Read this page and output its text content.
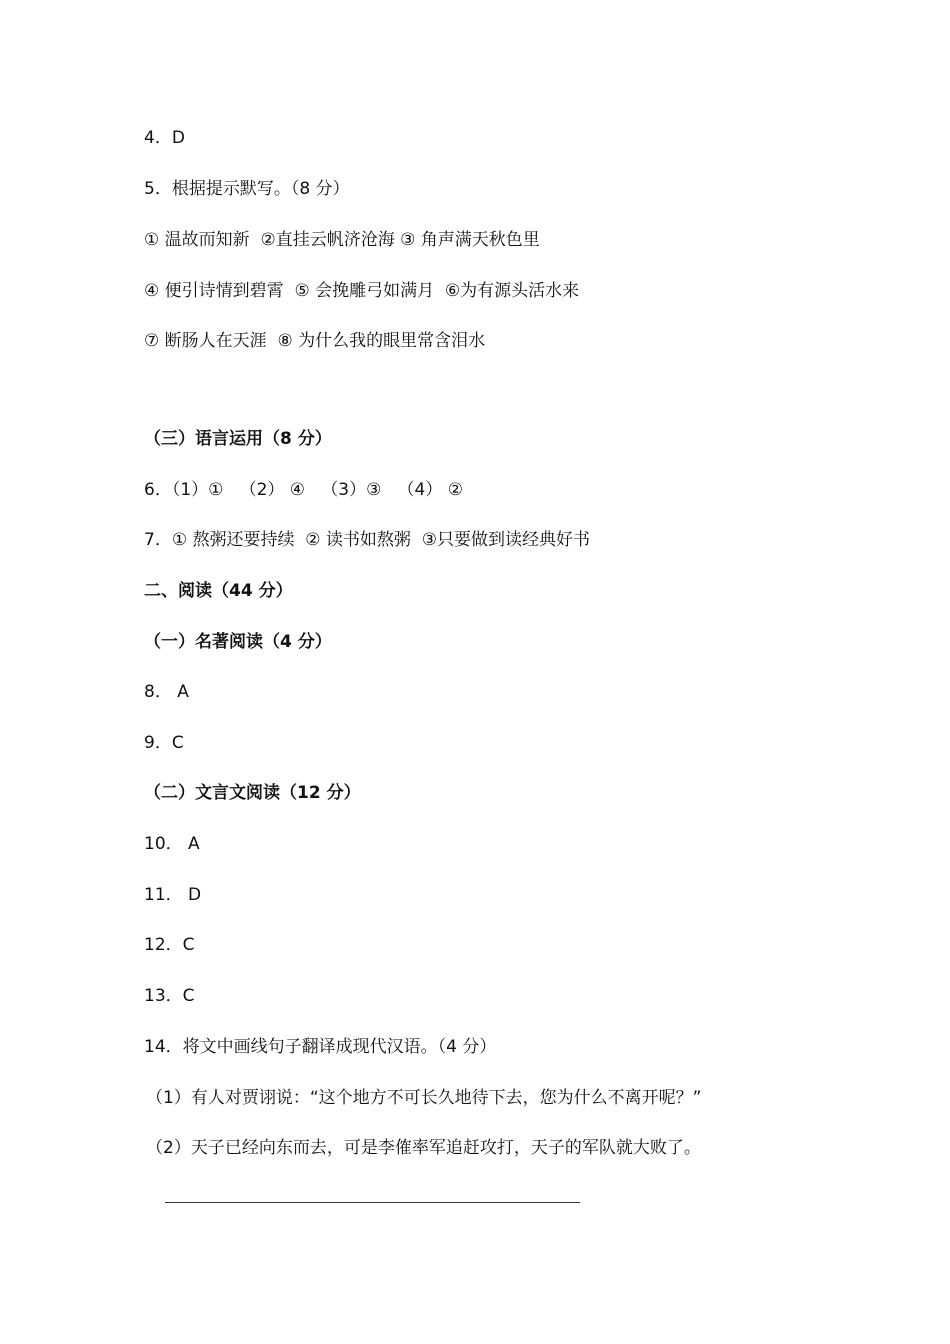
4．D

5．根据提示默写。（8 分）

① 温故而知新  ②直挂云帆济沧海 ③ 角声满天秋色里

④ 便引诗情到碧霄  ⑤ 会挽雕弓如满月  ⑥为有源头活水来

⑦ 断肠人在天涯  ⑧ 为什么我的眼里常含泪水

（三）语言运用（8 分）

6．（1）①   （2） ④   （3）③   （4） ②

7．① 熬粥还要持续  ② 读书如熬粥  ③只要做到读经典好书

二、阅读（44 分）

（一）名著阅读（4 分）

8． A

9．C

（二）文言文阅读（12 分）

10． A

11． D

12．C

13．C

14．将文中画线句子翻译成现代汉语。（4 分）

（1）有人对贾诩说：“这个地方不可长久地待下去，您为什么不离开呢？”

（2）天子已经向东而去，可是李傕率军追赶攻打，天子的军队就大败了。
